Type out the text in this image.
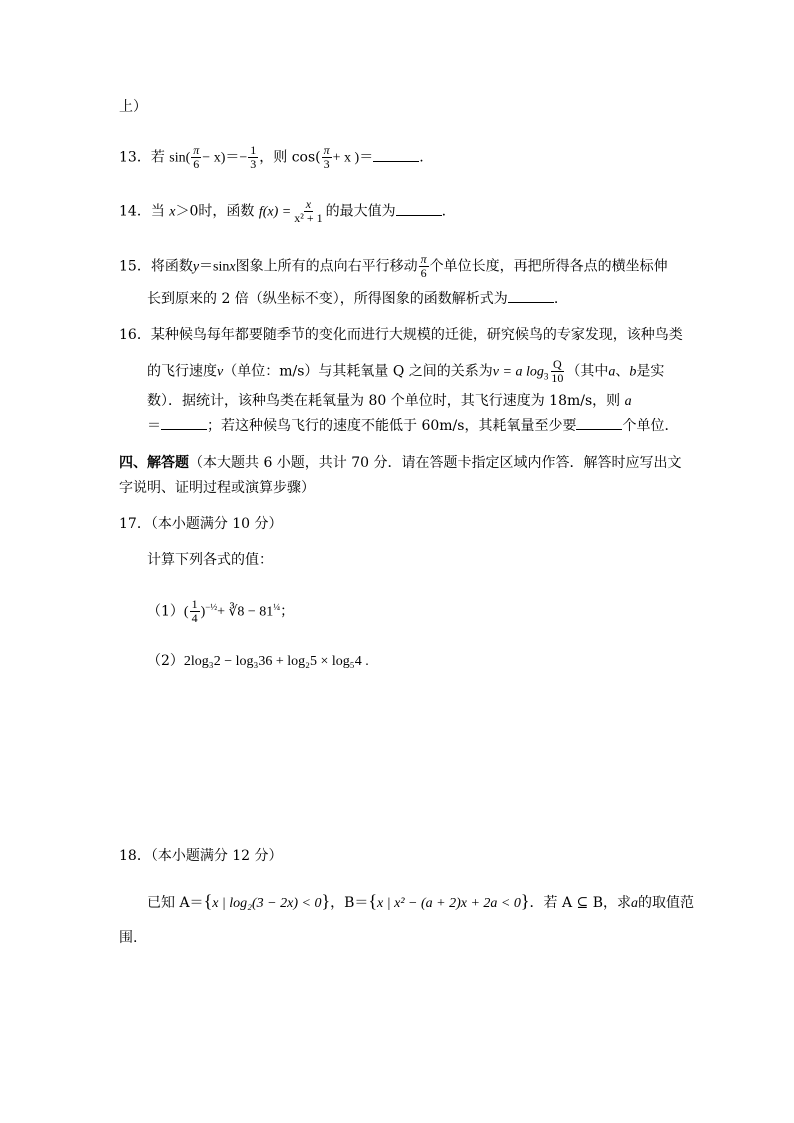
上）
13．若 $\sin( \frac{\pi}{6} - x)=- \frac{1}{3}$ ，则 $\cos( \frac{\pi}{3} + x$ )＝	.
14．当 x＞0时，函数 $f(x) = \frac{x}{\text{x² + 1}}$ 的最大值为	.
15．将函数y＝sinx图象上所有的点向右平行移动 $\frac{\pi}{6}$ 个单位长度，再把所得各点的横坐标伸
长到原来的 2 倍（纵坐标不变），所得图象的函数解析式为	.
16．某种候鸟每年都要随季节的变化而进行大规模的迁徙，研究候鸟的专家发现，该种鸟类
的飞行速度v（单位：m/s）与其耗氧量 Q 之间的关系为v = a $\log_3 \frac{Q}{10}$ （其中a、b是实
数）．据统计，该种鸟类在耗氧量为 80 个单位时，其飞行速度为 18m/s，则 a
＝	；若这种候鸟飞行的速度不能低于 60m/s，其耗氧量至少要	个单位．
四、解答题（本大题共 6 小题，共计 70 分．请在答题卡指定区域内作答．解答时应写出文
字说明、证明过程或演算步骤）
17．（本小题满分 10 分）
计算下列各式的值：
$(1)( \frac{1}{4} )^{-\frac{1}{2}}+$ ∛8 − $81^{\frac{1}{4}}$；
（2）2log₃2 − log₃36 + log₂5 × log₅4 .
18．（本小题满分 12 分）
已知 A＝{x | log₂(3 − 2x) < 0}，B＝{x | x² − (a + 2)x + 2a < 0}．若 A ⊆ B，求a的取值范
围.
